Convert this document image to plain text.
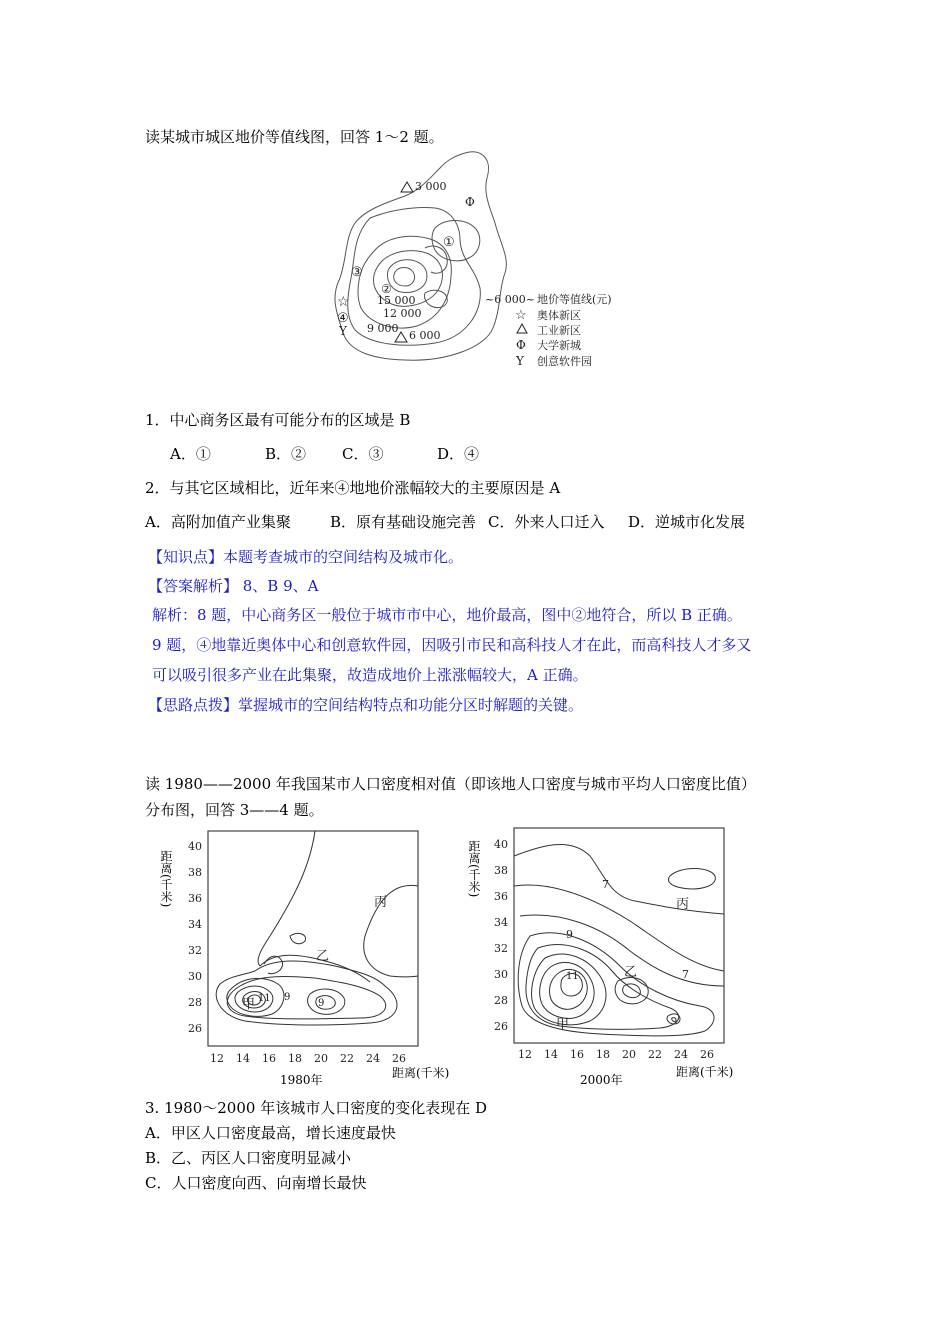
读某城市城区地价等值线图，回答 1～2 题。
3 000
Φ
①
③
②
15 000
12 000
☆
④
Y 9 000
6 000
~6 000~ 地价等值线(元)
☆ 奥体新区
△ 工业新区
Φ 大学新城
Y 创意软件园
1．中心商务区最有可能分布的区域是 B
A．①	B．② C．③	D．④
2．与其它区域相比，近年来④地地价涨幅较大的主要原因是 A
A．高附加值产业集聚	B．原有基础设施完善 C．外来人口迁入 D．逆城市化发展
【知识点】本题考查城市的空间结构及城市化。
【答案解析】 8、B 9、A
解析：8 题，中心商务区一般位于城市市中心，地价最高，图中②地符合，所以 B 正确。
9 题，④地靠近奥体中心和创意软件园，因吸引市民和高科技人才在此，而高科技人才多又
可以吸引很多产业在此集聚，故造成地价上涨涨幅较大，A 正确。
【思路点拨】掌握城市的空间结构特点和功能分区时解题的关键。
读 1980——2000 年我国某市人口密度相对值（即该地人口密度与城市平均人口密度比值）
分布图，回答 3——4 题。
距离(千米)
40
38
36
34
32
30
28
26
12 14 16 18 20 22 24 26
距离(千米)
1980年
丙
乙
甲 11 9
9
距离(千米) 40
38
36
34
32
30
28
26
12 14 16 18 20 22 24 26
距离(千米)
2000年
丙
乙
甲
7
9
11	7
3. 1980～2000 年该城市人口密度的变化表现在 D
A．甲区人口密度最高，增长速度最快
B．乙、丙区人口密度明显减小
C．人口密度向西、向南增长最快
